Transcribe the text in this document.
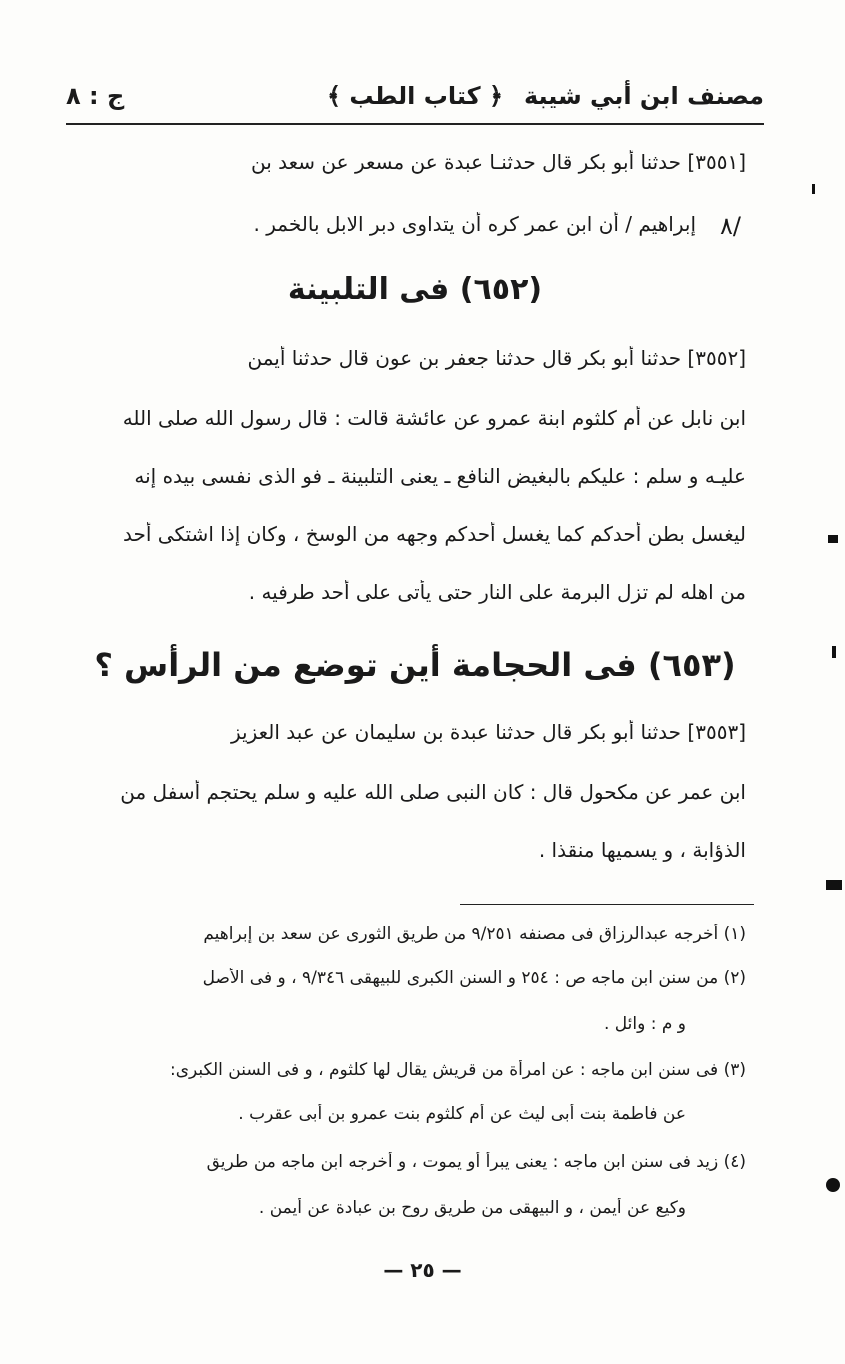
مصنف ابن أبي شيبة
﴿ كتاب الطب ﴾
ج : ٨
[٣٥٥١] حدثنا أبو بكر قال حدثنـا عبدة عن مسعر عن سعد بن
إبراهيم / أن ابن عمر كره أن يتداوى دبر الابل بالخمر . ٨/
(٦٥٢) فى التلبينة
[٣٥٥٢] حدثنا أبو بكر قال حدثنا جعفر بن عون قال حدثنا أيمن
ابن نابل عن أم كلثوم ابنة عمرو عن عائشة قالت : قال رسول الله صلى الله
عليـه و سلم : عليكم بالبغيض النافع ـ يعنى التلبينة ـ فو الذى نفسى بيده إنه
ليغسل بطن أحدكم كما يغسل أحدكم وجهه من الوسخ ، وكان إذا اشتكى أحد
من اهله لم تزل البرمة على النار حتى يأتى على أحد طرفيه .
(٦٥٣) فى الحجامة أين توضع من الرأس ؟
[٣٥٥٣] حدثنا أبو بكر قال حدثنا عبدة بن سليمان عن عبد العزيز
ابن عمر عن مكحول قال : كان النبى صلى الله عليه و سلم يحتجم أسفل من
الذؤابة ، و يسميها منقذا .
(١) أخرجه عبدالرزاق فى مصنفه ٩/٢٥١ من طريق الثورى عن سعد بن إبراهيم
(٢) من سنن ابن ماجه ص : ٢٥٤ و السنن الكبرى للبيهقى ٩/٣٤٦ ، و فى الأصل
و م : وائل .
(٣) فى سنن ابن ماجه : عن امرأة من قريش يقال لها كلثوم ، و فى السنن الكبرى:
عن فاطمة بنت أبى ليث عن أم كلثوم بنت عمرو بن أبى عقرب .
(٤) زيد فى سنن ابن ماجه : يعنى يبرأ أو يموت ، و أخرجه ابن ماجه من طريق
وكيع عن أيمن ، و البيهقى من طريق روح بن عبادة عن أيمن .
— ٢٥ —
